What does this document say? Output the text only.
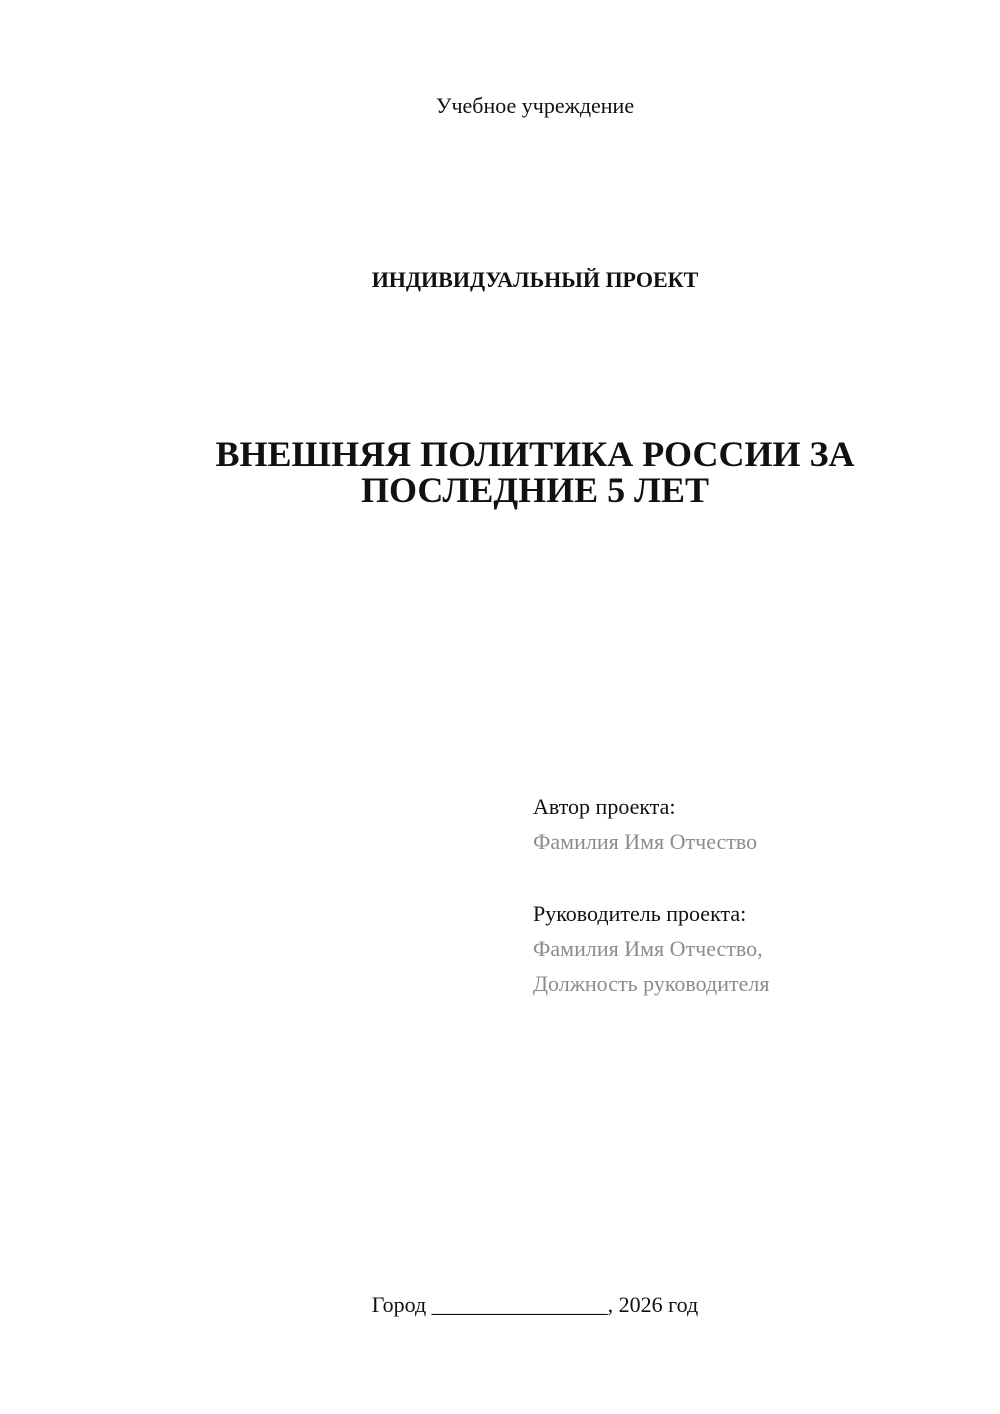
Учебное учреждение
ИНДИВИДУАЛЬНЫЙ ПРОЕКТ
ВНЕШНЯЯ ПОЛИТИКА РОССИИ ЗА
ПОСЛЕДНИЕ 5 ЛЕТ
Автор проекта:
Фамилия Имя Отчество
Руководитель проекта:
Фамилия Имя Отчество,
Должность руководителя
Город ________________, 2026 год
